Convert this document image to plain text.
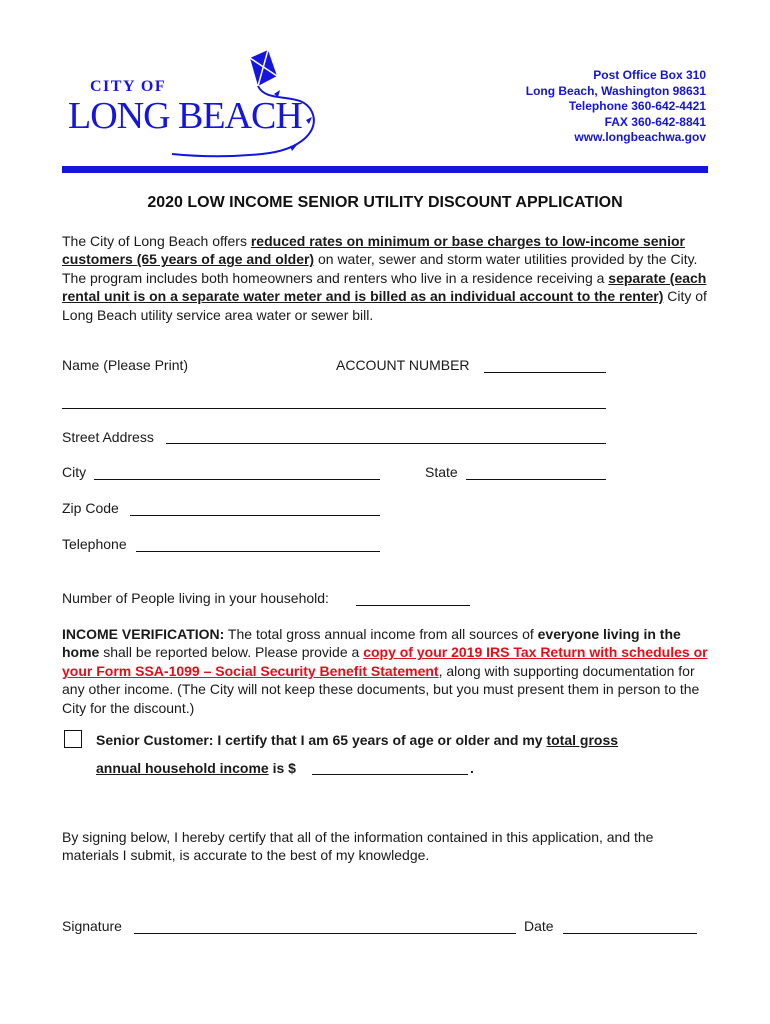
CITY OF
LONG BEACH
Post Office Box 310
Long Beach, Washington 98631
Telephone 360-642-4421
FAX 360-642-8841
www.longbeachwa.gov
2020 LOW INCOME SENIOR UTILITY DISCOUNT APPLICATION
The City of Long Beach offers reduced rates on minimum or base charges to low-income senior customers (65 years of age and older) on water, sewer and storm water utilities provided by the City. The program includes both homeowners and renters who live in a residence receiving a separate (each rental unit is on a separate water meter and is billed as an individual account to the renter) City of Long Beach utility service area water or sewer bill.
Name (Please Print)	ACCOUNT NUMBER
Street Address
City	State
Zip Code
Telephone
Number of People living in your household:
INCOME VERIFICATION: The total gross annual income from all sources of everyone living in the home shall be reported below. Please provide a copy of your 2019 IRS Tax Return with schedules or your Form SSA-1099 – Social Security Benefit Statement, along with supporting documentation for any other income. (The City will not keep these documents, but you must present them in person to the City for the discount.)
Senior Customer: I certify that I am 65 years of age or older and my total gross
annual household income is $	.
By signing below, I hereby certify that all of the information contained in this application, and the materials I submit, is accurate to the best of my knowledge.
Signature	Date
